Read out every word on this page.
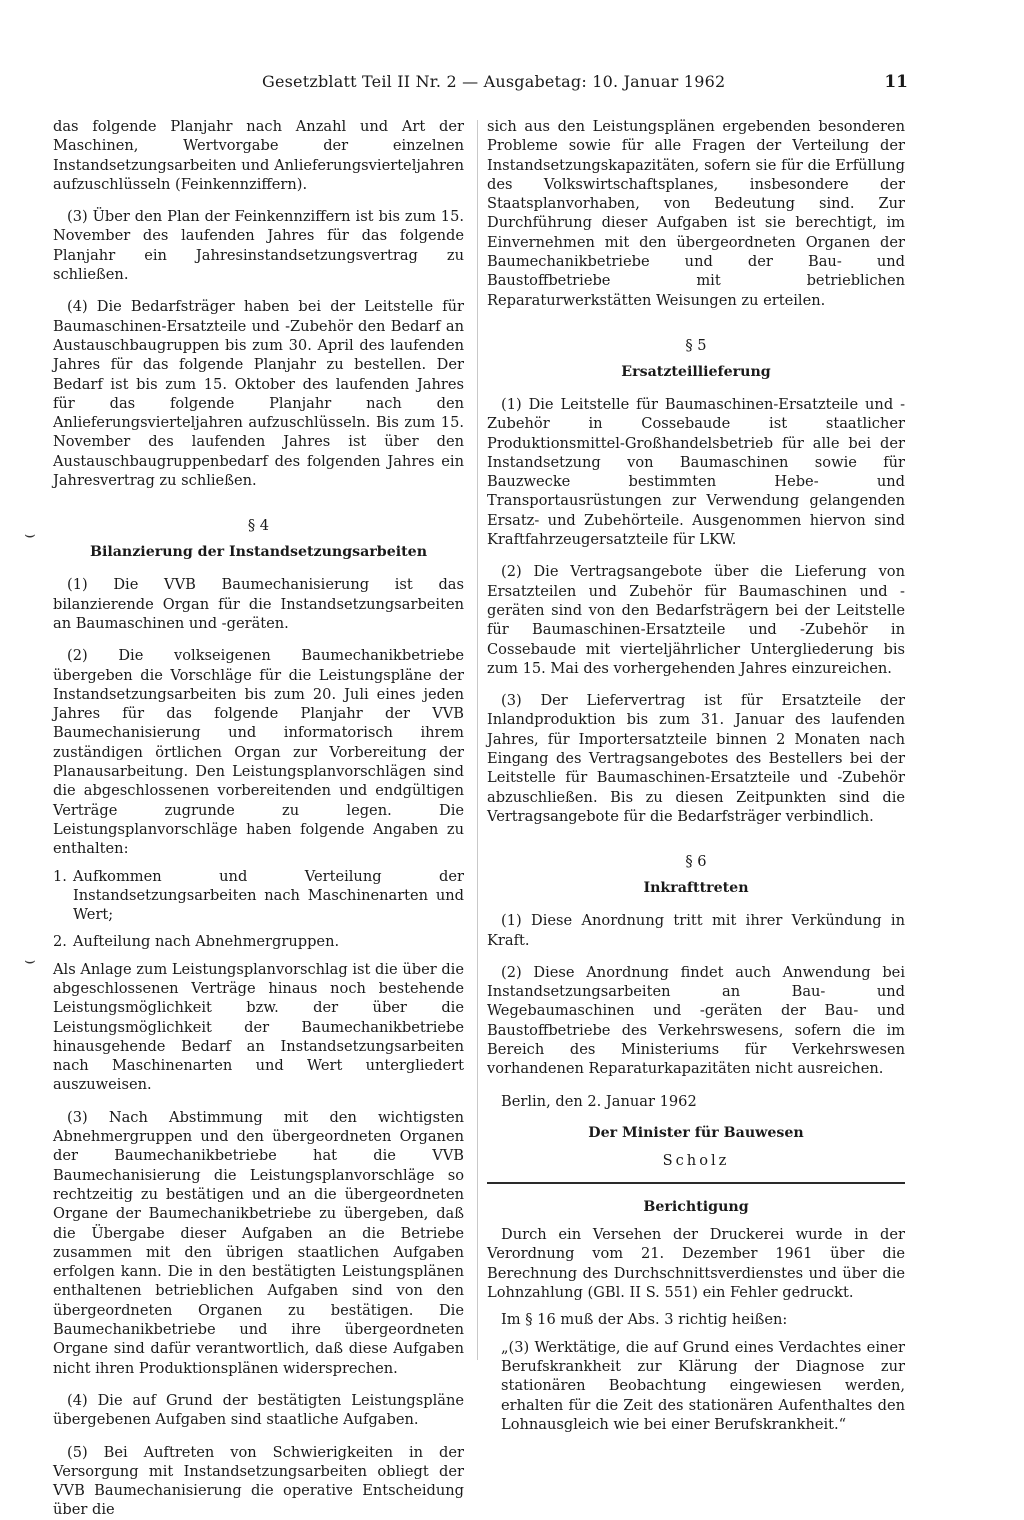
Gesetzblatt Teil II Nr. 2 — Ausgabetag: 10. Januar 1962	11
⌣
⌣

das folgende Planjahr nach Anzahl und Art der Maschinen, Wertvorgabe der einzelnen Instandsetzungsarbeiten und Anlieferungsvierteljahren aufzuschlüsseln (Feinkennziffern).

(3) Über den Plan der Feinkennziffern ist bis zum 15. November des laufenden Jahres für das folgende Planjahr ein Jahresinstandsetzungsvertrag zu schließen.

(4) Die Bedarfsträger haben bei der Leitstelle für Baumaschinen-Ersatzteile und -Zubehör den Bedarf an Austauschbaugruppen bis zum 30. April des laufenden Jahres für das folgende Planjahr zu bestellen. Der Bedarf ist bis zum 15. Oktober des laufenden Jahres für das folgende Planjahr nach den Anlieferungsvierteljahren aufzuschlüsseln. Bis zum 15. November des laufenden Jahres ist über den Austauschbaugruppenbedarf des folgenden Jahres ein Jahresvertrag zu schließen.

§ 4

Bilanzierung der Instandsetzungsarbeiten

(1) Die VVB Baumechanisierung ist das bilanzierende Organ für die Instandsetzungsarbeiten an Baumaschinen und -geräten.

(2) Die volkseigenen Baumechanikbetriebe übergeben die Vorschläge für die Leistungspläne der Instandsetzungsarbeiten bis zum 20. Juli eines jeden Jahres für das folgende Planjahr der VVB Baumechanisierung und informatorisch ihrem zuständigen örtlichen Organ zur Vorbereitung der Planausarbeitung. Den Leistungsplanvorschlägen sind die abgeschlossenen vorbereitenden und endgültigen Verträge zugrunde zu legen. Die Leistungsplanvorschläge haben folgende Angaben zu enthalten:

1. Aufkommen und Verteilung der Instandsetzungsarbeiten nach Maschinenarten und Wert;
2. Aufteilung nach Abnehmergruppen.

Als Anlage zum Leistungsplanvorschlag ist die über die abgeschlossenen Verträge hinaus noch bestehende Leistungsmöglichkeit bzw. der über die Leistungsmöglichkeit der Baumechanikbetriebe hinausgehende Bedarf an Instandsetzungsarbeiten nach Maschinenarten und Wert untergliedert auszuweisen.

(3) Nach Abstimmung mit den wichtigsten Abnehmergruppen und den übergeordneten Organen der Baumechanikbetriebe hat die VVB Baumechanisierung die Leistungsplanvorschläge so rechtzeitig zu bestätigen und an die übergeordneten Organe der Baumechanikbetriebe zu übergeben, daß die Übergabe dieser Aufgaben an die Betriebe zusammen mit den übrigen staatlichen Aufgaben erfolgen kann. Die in den bestätigten Leistungsplänen enthaltenen betrieblichen Aufgaben sind von den übergeordneten Organen zu bestätigen. Die Baumechanikbetriebe und ihre übergeordneten Organe sind dafür verantwortlich, daß diese Aufgaben nicht ihren Produktionsplänen widersprechen.

(4) Die auf Grund der bestätigten Leistungspläne übergebenen Aufgaben sind staatliche Aufgaben.

(5) Bei Auftreten von Schwierigkeiten in der Versorgung mit Instandsetzungsarbeiten obliegt der VVB Baumechanisierung die operative Entscheidung über die

sich aus den Leistungsplänen ergebenden besonderen Probleme sowie für alle Fragen der Verteilung der Instandsetzungskapazitäten, sofern sie für die Erfüllung des Volkswirtschaftsplanes, insbesondere der Staatsplanvorhaben, von Bedeutung sind. Zur Durchführung dieser Aufgaben ist sie berechtigt, im Einvernehmen mit den übergeordneten Organen der Baumechanikbetriebe und der Bau- und Baustoffbetriebe mit betrieblichen Reparaturwerkstätten Weisungen zu erteilen.

§ 5

Ersatzteillieferung

(1) Die Leitstelle für Baumaschinen-Ersatzteile und -Zubehör in Cossebaude ist staatlicher Produktionsmittel-Großhandelsbetrieb für alle bei der Instandsetzung von Baumaschinen sowie für Bauzwecke bestimmten Hebe- und Transportausrüstungen zur Verwendung gelangenden Ersatz- und Zubehörteile. Ausgenommen hiervon sind Kraftfahrzeugersatzteile für LKW.

(2) Die Vertragsangebote über die Lieferung von Ersatzteilen und Zubehör für Baumaschinen und -geräten sind von den Bedarfsträgern bei der Leitstelle für Baumaschinen-Ersatzteile und -Zubehör in Cossebaude mit vierteljährlicher Untergliederung bis zum 15. Mai des vorhergehenden Jahres einzureichen.

(3) Der Liefervertrag ist für Ersatzteile der Inlandproduktion bis zum 31. Januar des laufenden Jahres, für Importersatzteile binnen 2 Monaten nach Eingang des Vertragsangebotes des Bestellers bei der Leitstelle für Baumaschinen-Ersatzteile und -Zubehör abzuschließen. Bis zu diesen Zeitpunkten sind die Vertragsangebote für die Bedarfsträger verbindlich.

§ 6

Inkrafttreten

(1) Diese Anordnung tritt mit ihrer Verkündung in Kraft.

(2) Diese Anordnung findet auch Anwendung bei Instandsetzungsarbeiten an Bau- und Wegebaumaschinen und -geräten der Bau- und Baustoffbetriebe des Verkehrswesens, sofern die im Bereich des Ministeriums für Verkehrswesen vorhandenen Reparaturkapazitäten nicht ausreichen.

Berlin, den 2. Januar 1962

Der Minister für Bauwesen

Scholz

Berichtigung

Durch ein Versehen der Druckerei wurde in der Verordnung vom 21. Dezember 1961 über die Berechnung des Durchschnittsverdienstes und über die Lohnzahlung (GBl. II S. 551) ein Fehler gedruckt.

Im § 16 muß der Abs. 3 richtig heißen:

„(3) Werktätige, die auf Grund eines Verdachtes einer Berufskrankheit zur Klärung der Diagnose zur stationären Beobachtung eingewiesen werden, erhalten für die Zeit des stationären Aufenthaltes den Lohnausgleich wie bei einer Berufskrankheit.“
